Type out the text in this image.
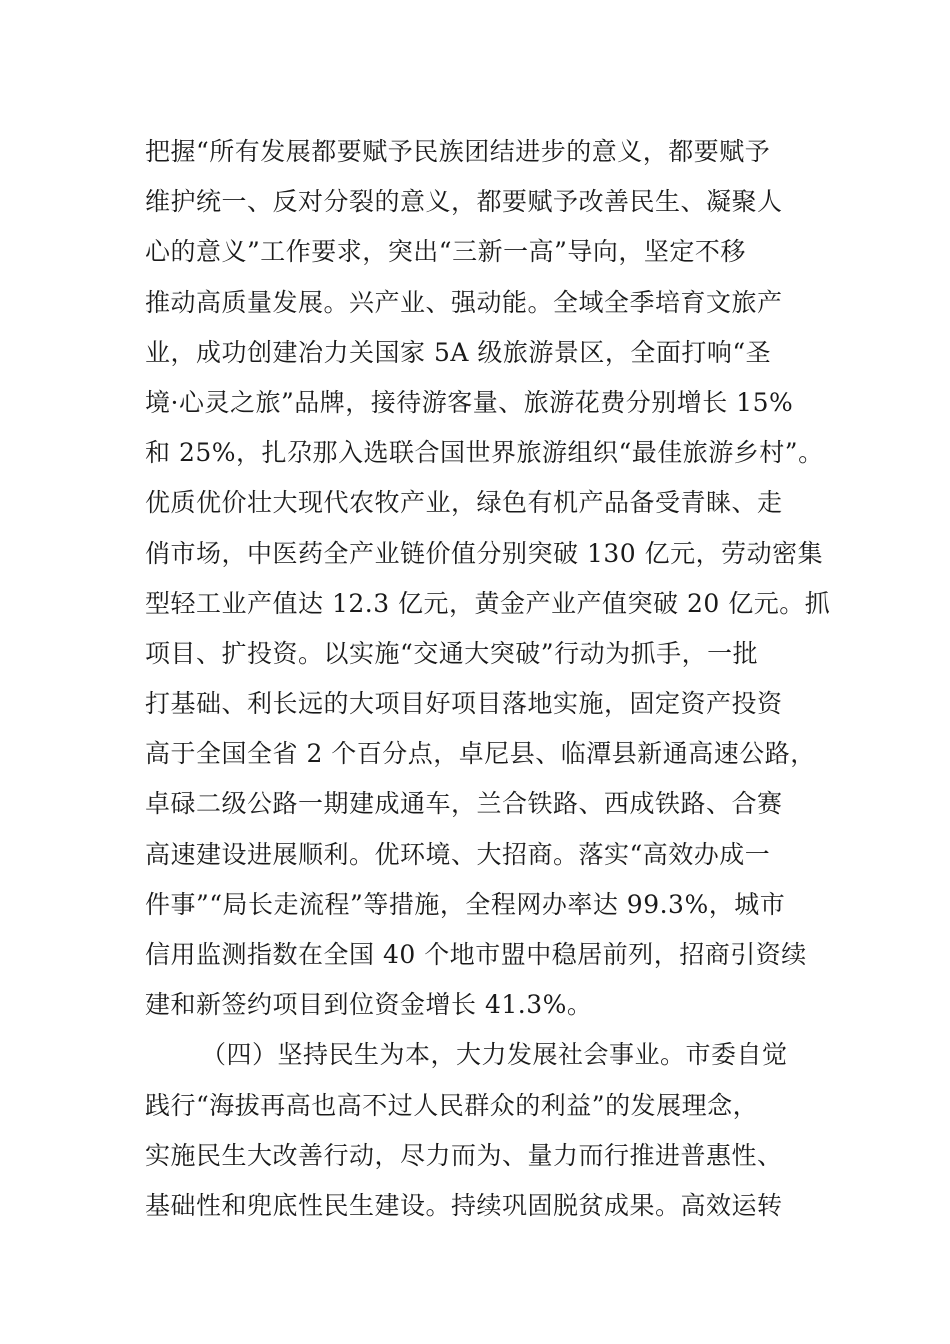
把握“所有发展都要赋予民族团结进步的意义，都要赋予
维护统一、反对分裂的意义，都要赋予改善民生、凝聚人
心的意义”工作要求，突出“三新一高”导向，坚定不移
推动高质量发展。兴产业、强动能。全域全季培育文旅产
业，成功创建冶力关国家 5A 级旅游景区，全面打响“圣
境·心灵之旅”品牌，接待游客量、旅游花费分别增长 15%
和 25%，扎尕那入选联合国世界旅游组织“最佳旅游乡村”。
优质优价壮大现代农牧产业，绿色有机产品备受青睐、走
俏市场，中医药全产业链价值分别突破 130 亿元，劳动密集
型轻工业产值达 12.3 亿元，黄金产业产值突破 20 亿元。抓
项目、扩投资。以实施“交通大突破”行动为抓手，一批
打基础、利长远的大项目好项目落地实施，固定资产投资
高于全国全省 2 个百分点，卓尼县、临潭县新通高速公路，
卓碌二级公路一期建成通车，兰合铁路、西成铁路、合赛
高速建设进展顺利。优环境、大招商。落实“高效办成一
件事”“局长走流程”等措施，全程网办率达 99.3%，城市
信用监测指数在全国 40 个地市盟中稳居前列，招商引资续
建和新签约项目到位资金增长 41.3%。
（四）坚持民生为本，大力发展社会事业。市委自觉
践行“海拔再高也高不过人民群众的利益”的发展理念，
实施民生大改善行动，尽力而为、量力而行推进普惠性、
基础性和兜底性民生建设。持续巩固脱贫成果。高效运转
